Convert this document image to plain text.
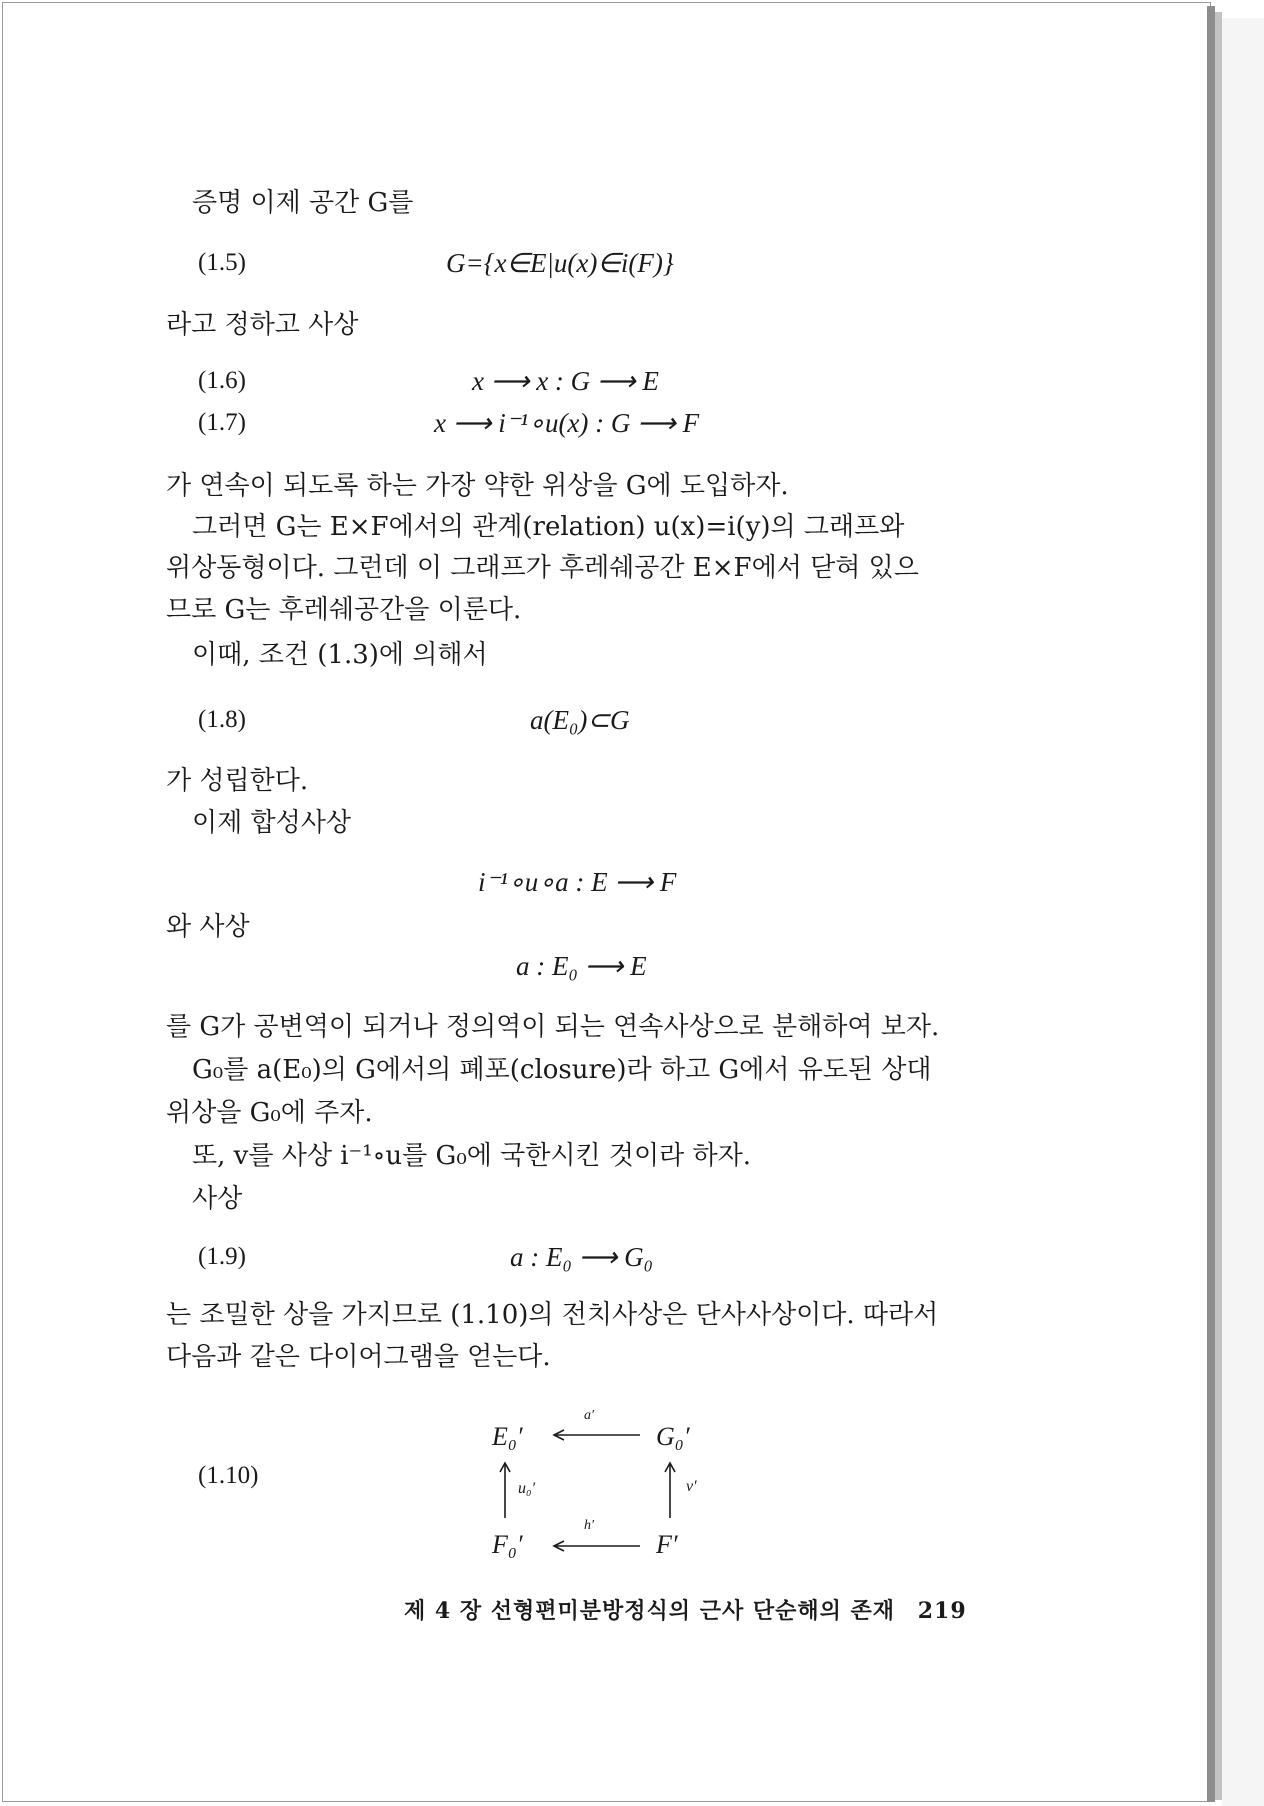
증명 이제 공간 G를
(1.5)	G={x∈E|u(x)∈i(F)}
라고 정하고 사상
(1.6)	x ⟶ x : G ⟶ E
(1.7)	x ⟶ i⁻¹∘u(x) : G ⟶ F
가 연속이 되도록 하는 가장 약한 위상을 G에 도입하자.
그러면 G는 E×F에서의 관계(relation) u(x)=i(y)의 그래프와
위상동형이다. 그런데 이 그래프가 후레쉐공간 E×F에서 닫혀 있으
므로 G는 후레쉐공간을 이룬다.
이때, 조건 (1.3)에 의해서
(1.8)	a(E₀)⊂G
가 성립한다.
이제 합성사상
i⁻¹∘u∘a : E ⟶ F
와 사상
a : E₀ ⟶ E
를 G가 공변역이 되거나 정의역이 되는 연속사상으로 분해하여 보자.
G₀를 a(E₀)의 G에서의 폐포(closure)라 하고 G에서 유도된 상대
위상을 G₀에 주자.
또, v를 사상 i⁻¹∘u를 G₀에 국한시킨 것이라 하자.
사상
(1.9)	a : E₀ ⟶ G₀
는 조밀한 상을 가지므로 (1.10)의 전치사상은 단사사상이다. 따라서
다음과 같은 다이어그램을 얻는다.
(1.10)
E₀′	G₀′
F₀′	F′
a′
h′
u₀′	v′
제 4 장 선형편미분방정식의 근사 단순해의 존재 219
